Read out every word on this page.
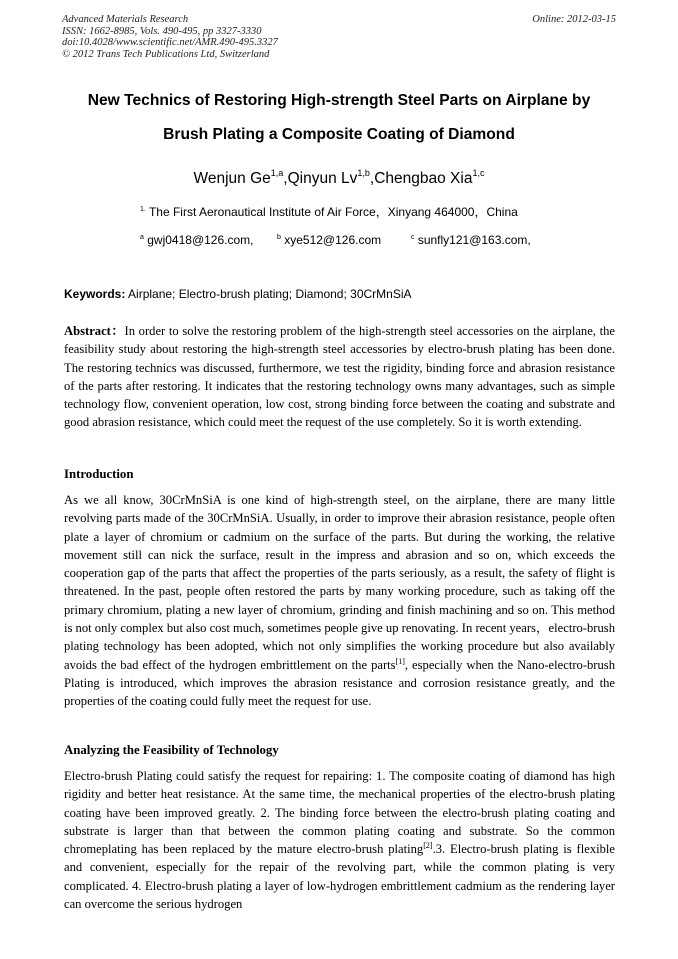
Advanced Materials Research
ISSN: 1662-8985, Vols. 490-495, pp 3327-3330
doi:10.4028/www.scientific.net/AMR.490-495.3327
© 2012 Trans Tech Publications Ltd, Switzerland
Online: 2012-03-15
New Technics of Restoring High-strength Steel Parts on Airplane by
Brush Plating a Composite Coating of Diamond
Wenjun Ge$^{1,a}$,Qinyun Lv$^{1,b}$,Chengbao Xia$^{1,c}$
$^{1.}$ The First Aeronautical Institute of Air Force，Xinyang 464000，China
$^a$ gwj0418@126.com,	$^b$ xye512@126.com	$^c$ sunfly121@163.com,
Keywords: Airplane; Electro-brush plating; Diamond; 30CrMnSiA
Abstract：In order to solve the restoring problem of the high-strength steel accessories on the airplane, the feasibility study about restoring the high-strength steel accessories by electro-brush plating has been done. The restoring technics was discussed, furthermore, we test the rigidity, binding force and abrasion resistance of the parts after restoring. It indicates that the restoring technology owns many advantages, such as simple technology flow, convenient operation, low cost, strong binding force between the coating and substrate and good abrasion resistance, which could meet the request of the use completely. So it is worth extending.
Introduction
As we all know, 30CrMnSiA is one kind of high-strength steel, on the airplane, there are many little revolving parts made of the 30CrMnSiA. Usually, in order to improve their abrasion resistance, people often plate a layer of chromium or cadmium on the surface of the parts. But during the working, the relative movement still can nick the surface, result in the impress and abrasion and so on, which exceeds the cooperation gap of the parts that affect the properties of the parts seriously, as a result, the safety of flight is threatened. In the past, people often restored the parts by many working procedure, such as taking off the primary chromium, plating a new layer of chromium, grinding and finish machining and so on. This method is not only complex but also cost much, sometimes people give up renovating. In recent years，electro-brush plating technology has been adopted, which not only simplifies the working procedure but also availably avoids the bad effect of the hydrogen embrittlement on the parts[1], especially when the Nano-electro-brush Plating is introduced, which improves the abrasion resistance and corrosion resistance greatly, and the properties of the coating could fully meet the request for use.
Analyzing the Feasibility of Technology
Electro-brush Plating could satisfy the request for repairing: 1. The composite coating of diamond has high rigidity and better heat resistance. At the same time, the mechanical properties of the electro-brush plating coating have been improved greatly. 2. The binding force between the electro-brush plating coating and substrate is larger than that between the common plating coating and substrate. So the common chromeplating has been replaced by the mature electro-brush plating[2].3. Electro-brush plating is flexible and convenient, especially for the repair of the revolving part, while the common plating is very complicated. 4. Electro-brush plating a layer of low-hydrogen embrittlement cadmium as the rendering layer can overcome the serious hydrogen
